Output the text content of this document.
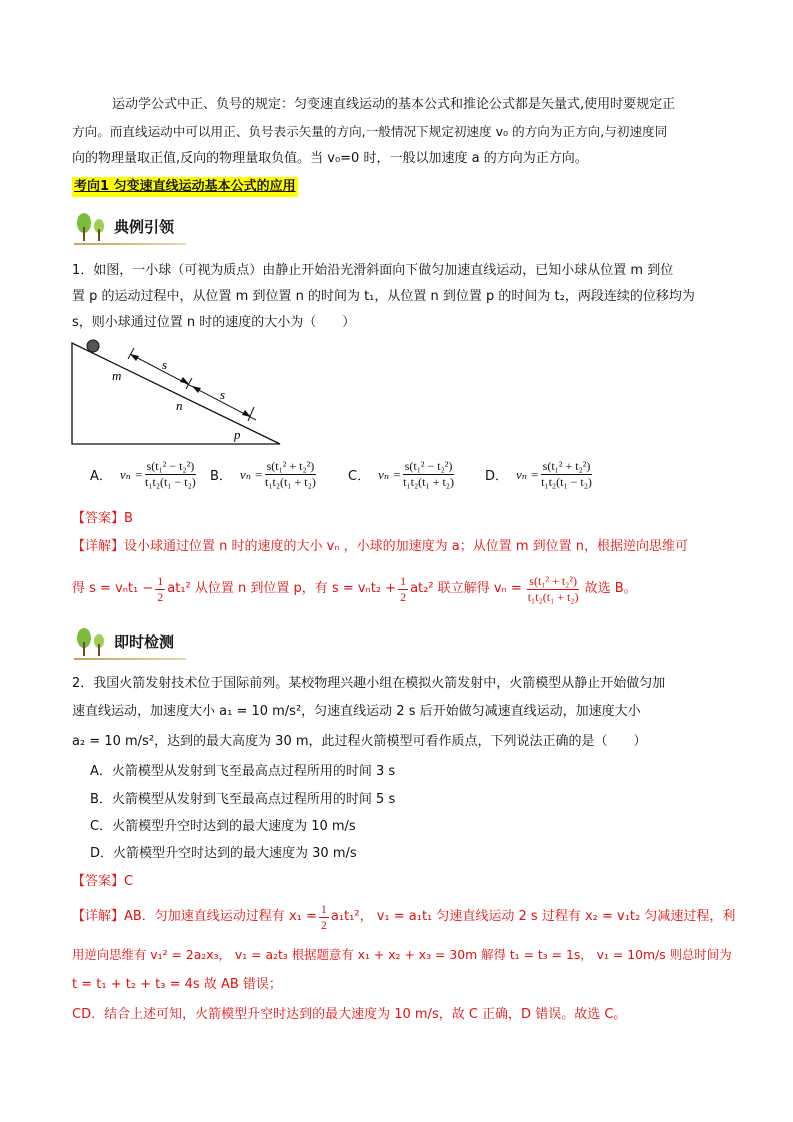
运动学公式中正、负号的规定：匀变速直线运动的基本公式和推论公式都是矢量式,使用时要规定正
方向。而直线运动中可以用正、负号表示矢量的方向,一般情况下规定初速度 v₀ 的方向为正方向,与初速度同
向的物理量取正值,反向的物理量取负值。当 v₀=0 时，一般以加速度 a 的方向为正方向。
考向1 匀变速直线运动基本公式的应用
典例引领
1．如图，一小球（可视为质点）由静止开始沿光滑斜面向下做匀加速直线运动，已知小球从位置 m 到位
置 p 的运动过程中，从位置 m 到位置 n 的时间为 t₁，从位置 n 到位置 p 的时间为 t₂，两段连续的位移均为
s，则小球通过位置 n 时的速度的大小为（　　）
s
s
m
n
p
A． $v_n = \frac{\text{s(t₁² − t₂²)}}{\text{t₁t₂(t₁ − t₂)}}$ B． $v_n = \frac{\text{s(t₁² + t₂²)}}{\text{t₁t₂(t₁ + t₂)}}$ C． $v_n = \frac{\text{s(t₁² − t₂²)}}{\text{t₁t₂(t₁ + t₂)}}$ D． $v_n = \frac{\text{s(t₁² + t₂²)}}{\text{t₁t₂(t₁ − t₂)}}$
【答案】B
【详解】设小球通过位置 n 时的速度的大小 vₙ ，小球的加速度为 a；从位置 m 到位置 n，根据逆向思维可
得 $s = v_nt_1 - \frac{1}{2} at_1^2$ 从位置 n 到位置 p，有 $s = v_nt_2 + \frac{1}{2} at_2^2$ 联立解得 $v_n = \frac{\text{s(t₁² + t₂²)}}{\text{t₁t₂(t₁ + t₂)}}$ 故选 B。
即时检测
2．我国火箭发射技术位于国际前列。某校物理兴趣小组在模拟火箭发射中，火箭模型从静止开始做匀加
速直线运动，加速度大小 a₁ = 10 m/s²，匀速直线运动 2 s 后开始做匀减速直线运动，加速度大小
a₂ = 10 m/s²，达到的最大高度为 30 m，此过程火箭模型可看作质点，下列说法正确的是（　　）
A．火箭模型从发射到飞至最高点过程所用的时间 3 s
B．火箭模型从发射到飞至最高点过程所用的时间 5 s
C．火箭模型升空时达到的最大速度为 10 m/s
D．火箭模型升空时达到的最大速度为 30 m/s
【答案】C
【详解】AB．匀加速直线运动过程有 $x_1 = \frac{1}{2} a_1t_1^2$， v₁ = a₁t₁ 匀速直线运动 2 s 过程有 x₂ = v₁t₂ 匀减速过程，利
用逆向思维有 v₁² = 2a₂x₃， v₁ = a₂t₃ 根据题意有 x₁ + x₂ + x₃ = 30m 解得 t₁ = t₃ = 1s， v₁ = 10m/s 则总时间为
t = t₁ + t₂ + t₃ = 4s 故 AB 错误；
CD．结合上述可知，火箭模型升空时达到的最大速度为 10 m/s，故 C 正确，D 错误。故选 C。
